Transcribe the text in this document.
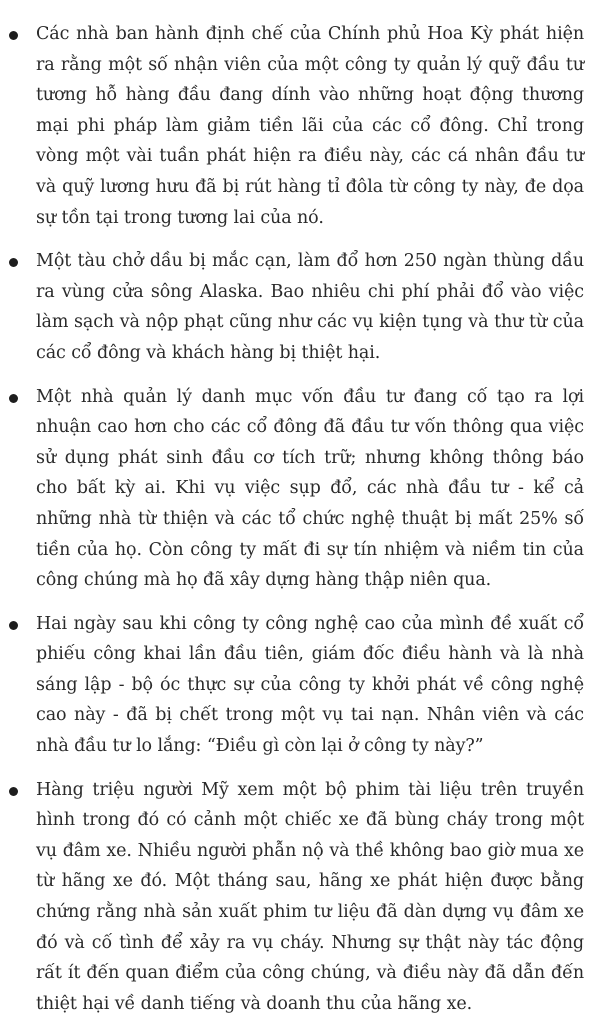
Các nhà ban hành định chế của Chính phủ Hoa Kỳ phát hiện ra rằng một số nhận viên của một công ty quản lý quỹ đầu tư tương hỗ hàng đầu đang dính vào những hoạt động thương mại phi pháp làm giảm tiền lãi của các cổ đông. Chỉ trong vòng một vài tuần phát hiện ra điều này, các cá nhân đầu tư và quỹ lương hưu đã bị rút hàng tỉ đôla từ công ty này, đe dọa sự tồn tại trong tương lai của nó.
Một tàu chở dầu bị mắc cạn, làm đổ hơn 250 ngàn thùng dầu ra vùng cửa sông Alaska. Bao nhiêu chi phí phải đổ vào việc làm sạch và nộp phạt cũng như các vụ kiện tụng và thư từ của các cổ đông và khách hàng bị thiệt hại.
Một nhà quản lý danh mục vốn đầu tư đang cố tạo ra lợi nhuận cao hơn cho các cổ đông đã đầu tư vốn thông qua việc sử dụng phát sinh đầu cơ tích trữ; nhưng không thông báo cho bất kỳ ai. Khi vụ việc sụp đổ, các nhà đầu tư - kể cả những nhà từ thiện và các tổ chức nghệ thuật bị mất 25% số tiền của họ. Còn công ty mất đi sự tín nhiệm và niềm tin của công chúng mà họ đã xây dựng hàng thập niên qua.
Hai ngày sau khi công ty công nghệ cao của mình đề xuất cổ phiếu công khai lần đầu tiên, giám đốc điều hành và là nhà sáng lập - bộ óc thực sự của công ty khởi phát về công nghệ cao này - đã bị chết trong một vụ tai nạn. Nhân viên và các nhà đầu tư lo lắng: “Điều gì còn lại ở công ty này?”
Hàng triệu người Mỹ xem một bộ phim tài liệu trên truyền hình trong đó có cảnh một chiếc xe đã bùng cháy trong một vụ đâm xe. Nhiều người phẫn nộ và thề không bao giờ mua xe từ hãng xe đó. Một tháng sau, hãng xe phát hiện được bằng chứng rằng nhà sản xuất phim tư liệu đã dàn dựng vụ đâm xe đó và cố tình để xảy ra vụ cháy. Nhưng sự thật này tác động rất ít đến quan điểm của công chúng, và điều này đã dẫn đến thiệt hại về danh tiếng và doanh thu của hãng xe.
